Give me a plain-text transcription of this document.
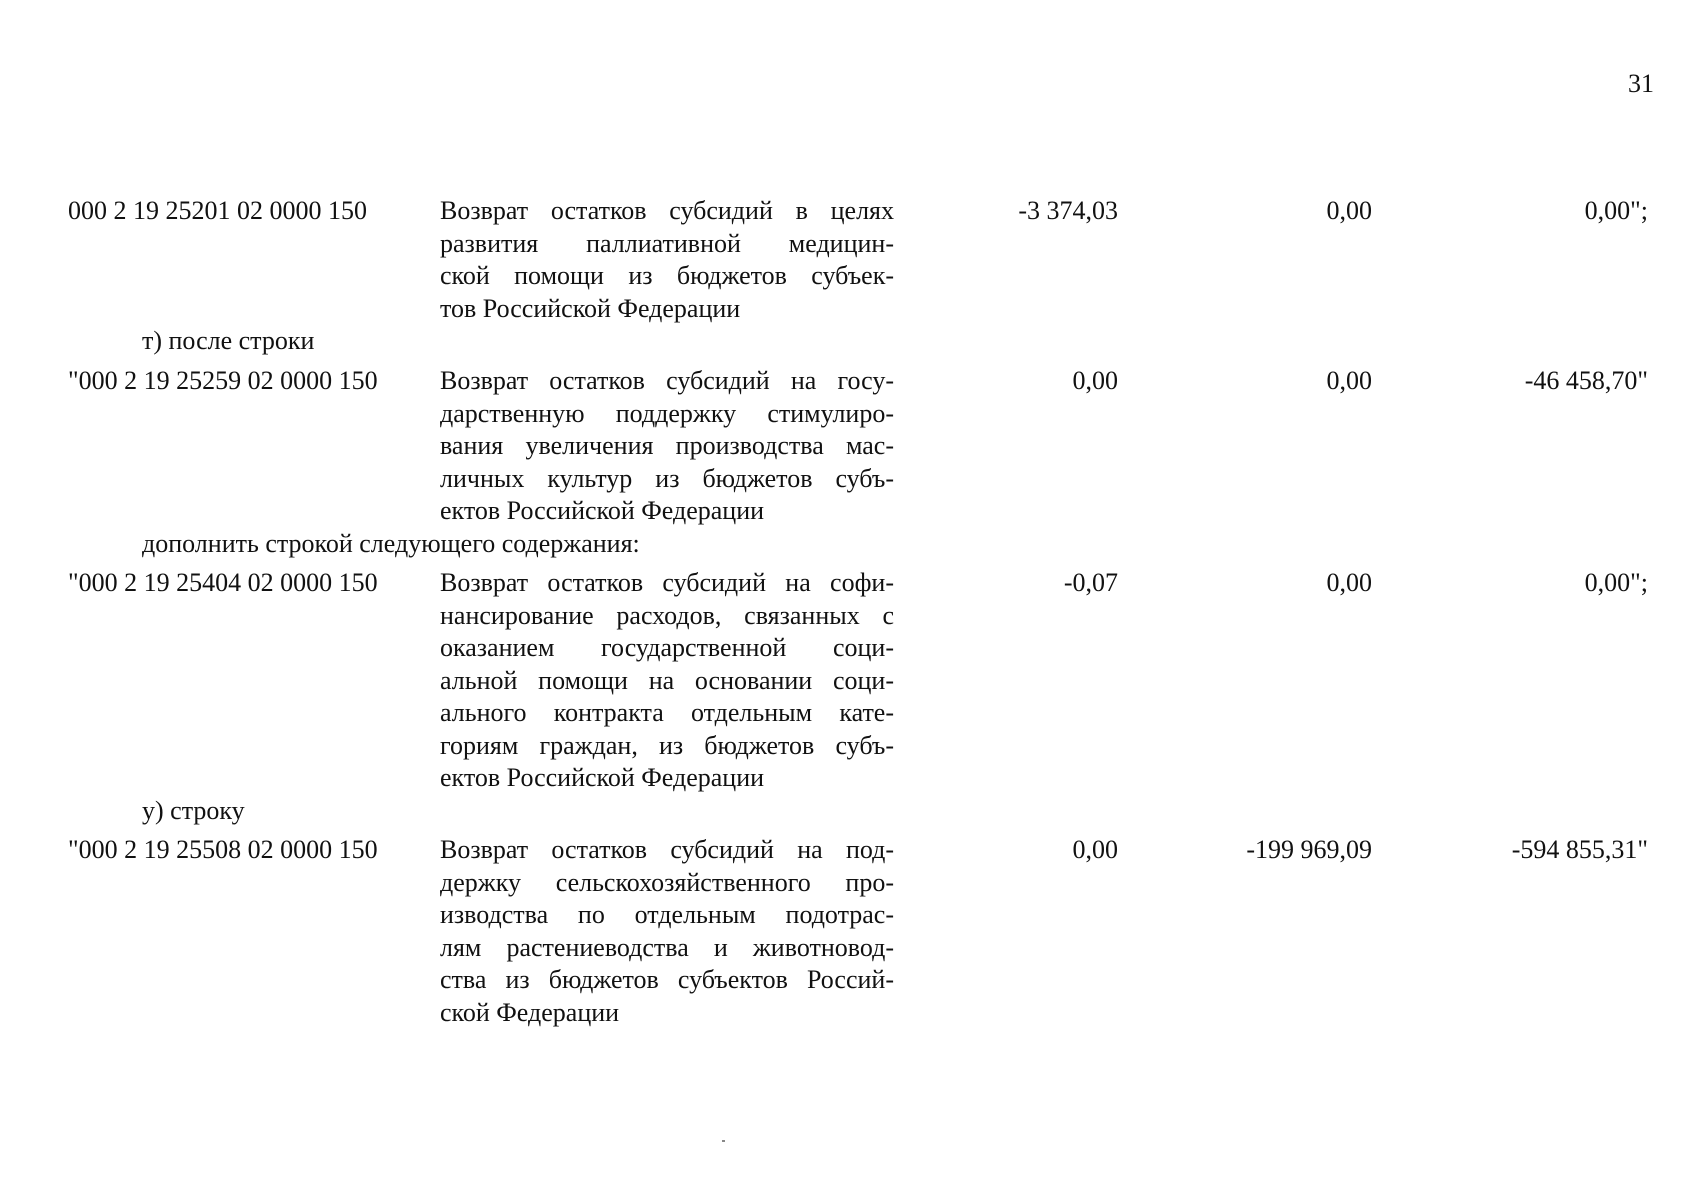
31
000 2 19 25201 02 0000 150	Возврат остатков субсидий в целях
развития паллиативной медицин-
ской помощи из бюджетов субъек-
тов Российской Федерации
-3 374,03	0,00	0,00";
т) после строки
"000 2 19 25259 02 0000 150 Возврат остатков субсидий на госу-
дарственную поддержку стимулиро-
вания увеличения производства мас-
личных культур из бюджетов субъ-
ектов Российской Федерации
0,00	0,00	-46 458,70"
дополнить строкой следующего содержания:
"000 2 19 25404 02 0000 150 Возврат остатков субсидий на софи-
нансирование расходов, связанных с
оказанием государственной соци-
альной помощи на основании соци-
ального контракта отдельным кате-
гориям граждан, из бюджетов субъ-
ектов Российской Федерации
-0,07	0,00	0,00";
у) строку
"000 2 19 25508 02 0000 150 Возврат остатков субсидий на под-
держку сельскохозяйственного про-
изводства по отдельным подотрас-
лям растениеводства и животновод-
ства из бюджетов субъектов Россий-
ской Федерации
0,00	-199 969,09	-594 855,31"
